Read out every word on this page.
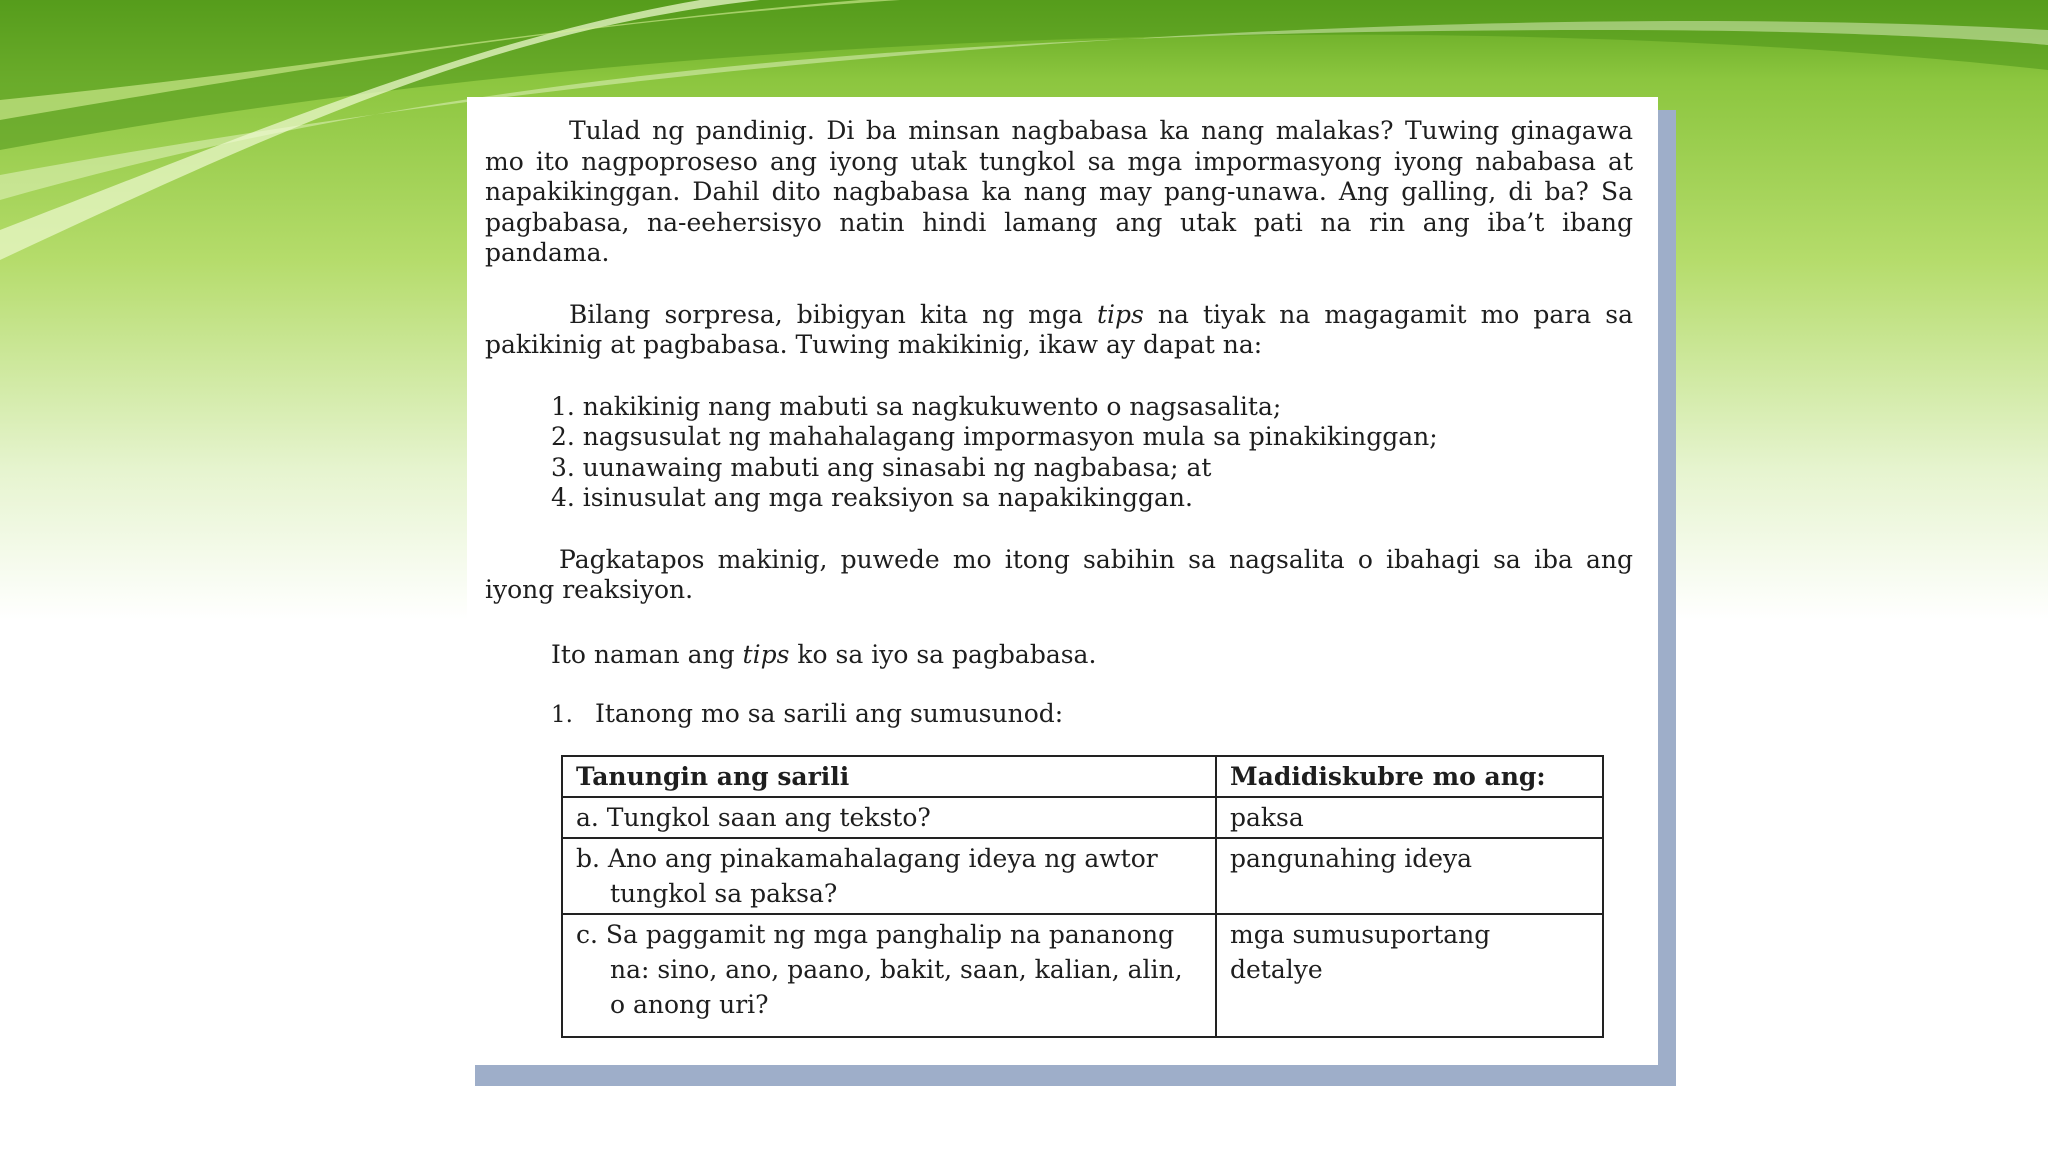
Tulad ng pandinig. Di ba minsan nagbabasa ka nang malakas? Tuwing ginagawa mo ito nagpoproseso ang iyong utak tungkol sa mga impormasyong iyong nababasa at napakikinggan. Dahil dito nagbabasa ka nang may pang-unawa. Ang galling, di ba? Sa pagbabasa, na-eehersisyo natin hindi lamang ang utak pati na rin ang iba’t ibang pandama.

Bilang sorpresa, bibigyan kita ng mga tips na tiyak na magagamit mo para sa pakikinig at pagbabasa. Tuwing makikinig, ikaw ay dapat na:

1. nakikinig nang mabuti sa nagkukuwento o nagsasalita;
2. nagsusulat ng mahahalagang impormasyon mula sa pinakikinggan;
3. uunawaing mabuti ang sinasabi ng nagbabasa; at
4. isinusulat ang mga reaksiyon sa napakikinggan.

Pagkatapos makinig, puwede mo itong sabihin sa nagsalita o ibahagi sa iba ang iyong reaksiyon.

Ito naman ang tips ko sa iyo sa pagbabasa.

1. Itanong mo sa sarili ang sumusunod:

Tanungin ang sarili	Madidiskubre mo ang:

a. Tungkol saan ang teksto?	paksa

b. Ano ang pinakamahalagang ideya ng awtor tungkol sa paksa?	pangunahing ideya

c. Sa paggamit ng mga panghalip na pananong na: sino, ano, paano, bakit, saan, kalian, alin, o anong uri?	mga sumusuportang detalye
